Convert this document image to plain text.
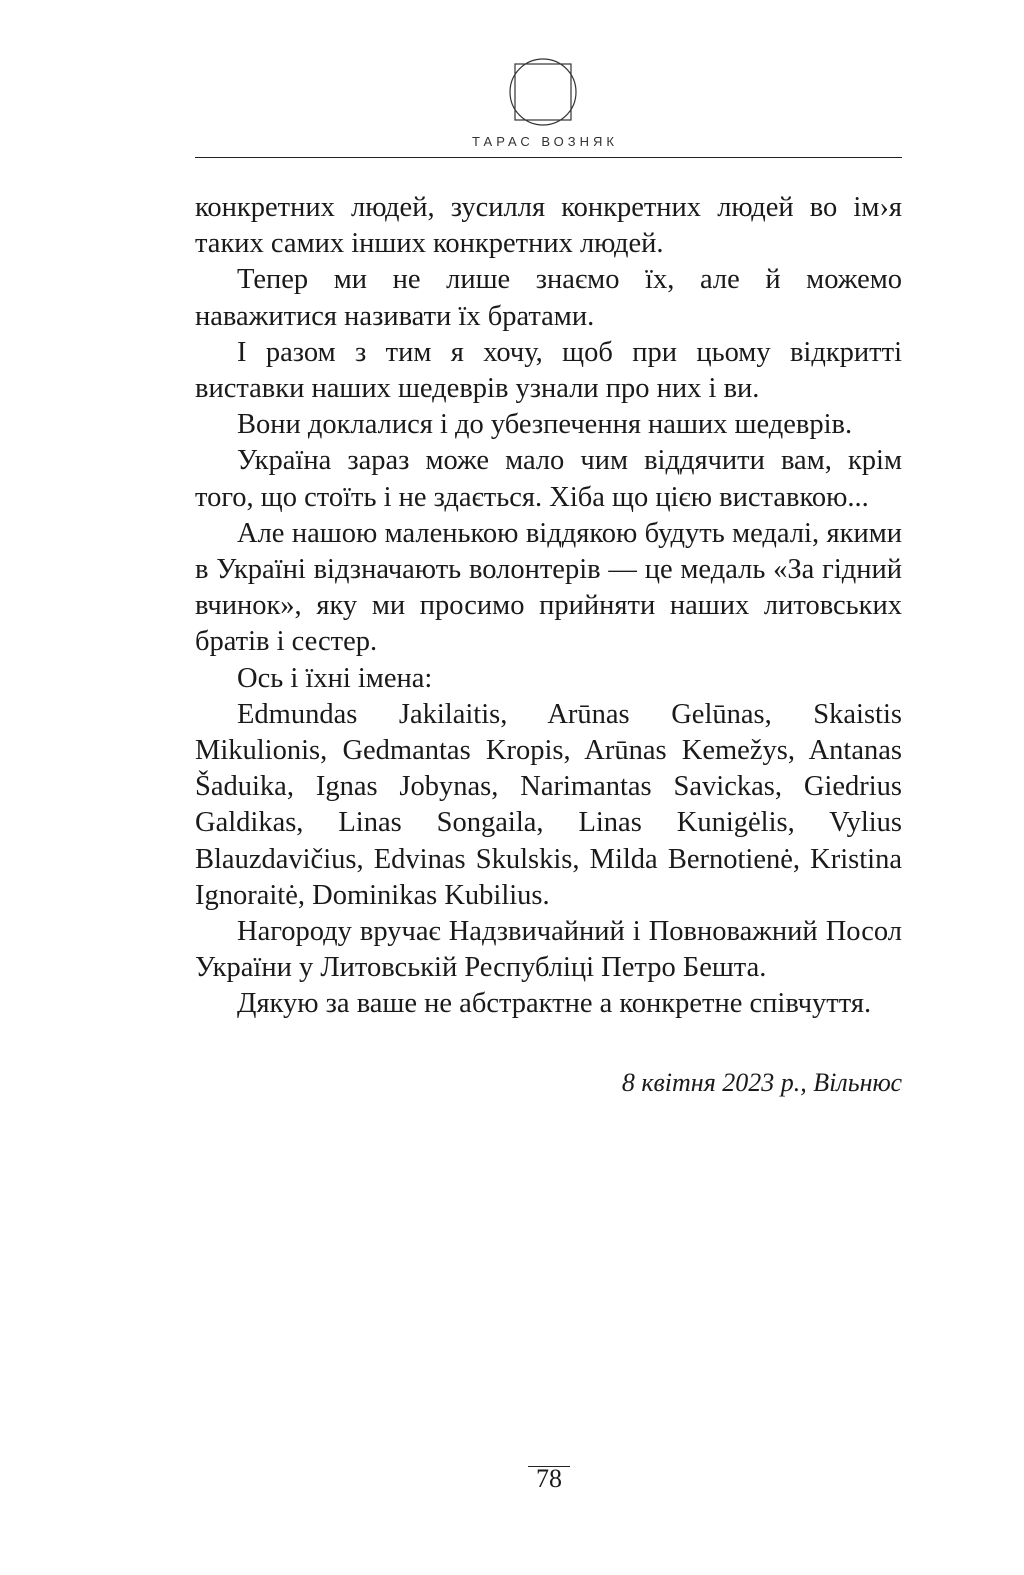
ТАРАС ВОЗНЯК

конкретних людей, зусилля конкретних людей во ім›я таких самих інших конкретних людей.

Тепер ми не лише знаємо їх, але й можемо наважитися називати їх братами.

І разом з тим я хочу, щоб при цьому відкритті виставки наших шедеврів узнали про них і ви.

Вони доклалися і до убезпечення наших шедеврів.

Україна зараз може мало чим віддячити вам, крім того, що стоїть і не здається. Хіба що цією виставкою...

Але нашою маленькою віддякою будуть медалі, якими в Україні відзначають волонтерів — це медаль «За гідний вчинок», яку ми просимо прийняти наших литовських братів і сестер.

Ось і їхні імена:

Edmundas Jakilaitis, Arūnas Gelūnas, Skaistis Mikulionis, Gedmantas Kropis, Arūnas Kemežys, Antanas Šaduika, Ignas Jobynas, Narimantas Savickas, Giedrius Galdikas, Linas Songaila, Linas Kunigėlis, Vylius Blauzdavičius, Edvinas Skulskis, Milda Bernotienė, Kristina Ignoraitė, Dominikas Kubilius.

Нагороду вручає Надзвичайний і Повноважний Посол України у Литовській Республіці Петро Бешта.

Дякую за ваше не абстрактне а конкретне співчуття.

8 квітня 2023 р., Вільнюс
78
